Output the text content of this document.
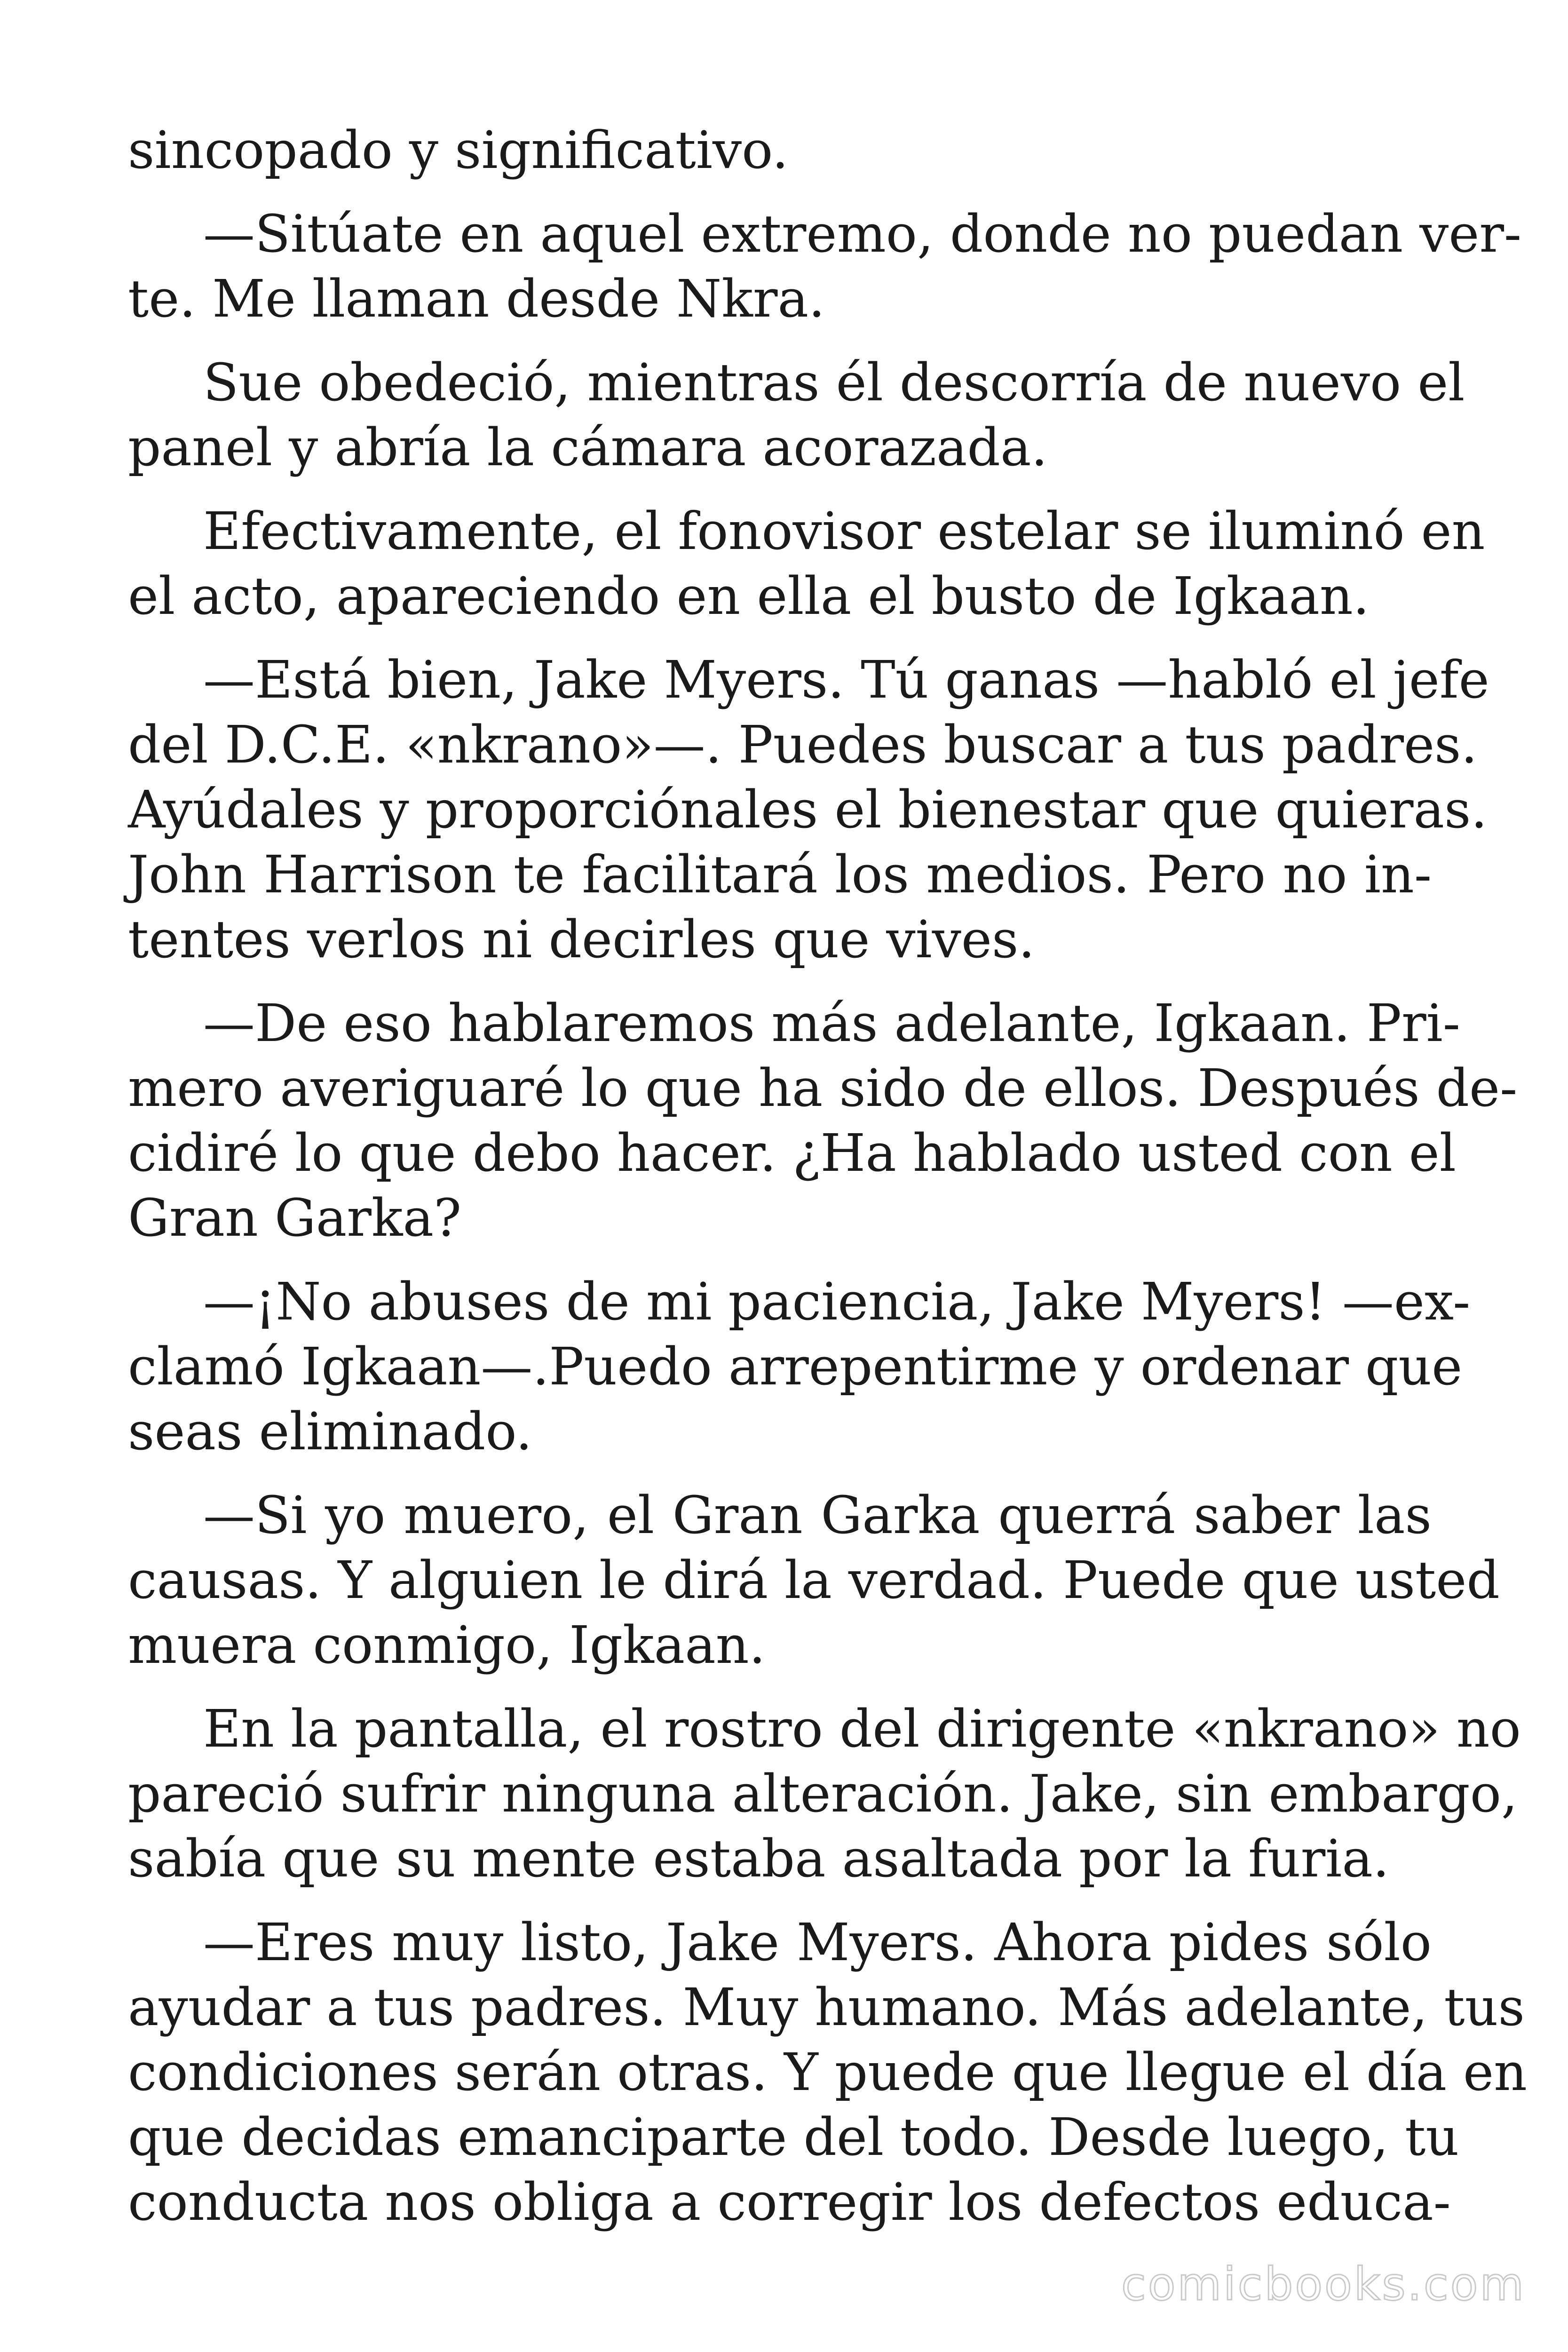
sincopado y significativo.
—Sitúate en aquel extremo, donde no puedan ver-
te. Me llaman desde Nkra.
Sue obedeció, mientras él descorría de nuevo el
panel y abría la cámara acorazada.
Efectivamente, el fonovisor estelar se iluminó en
el acto, apareciendo en ella el busto de Igkaan.
—Está bien, Jake Myers. Tú ganas —habló el jefe
del D.C.E. «nkrano»—. Puedes buscar a tus padres.
Ayúdales y proporciónales el bienestar que quieras.
John Harrison te facilitará los medios. Pero no in-
tentes verlos ni decirles que vives.
—De eso hablaremos más adelante, Igkaan. Pri-
mero averiguaré lo que ha sido de ellos. Después de-
cidiré lo que debo hacer. ¿Ha hablado usted con el
Gran Garka?
—¡No abuses de mi paciencia, Jake Myers! —ex-
clamó Igkaan—.Puedo arrepentirme y ordenar que
seas eliminado.
—Si yo muero, el Gran Garka querrá saber las
causas. Y alguien le dirá la verdad. Puede que usted
muera conmigo, Igkaan.
En la pantalla, el rostro del dirigente «nkrano» no
pareció sufrir ninguna alteración. Jake, sin embargo,
sabía que su mente estaba asaltada por la furia.
—Eres muy listo, Jake Myers. Ahora pides sólo
ayudar a tus padres. Muy humano. Más adelante, tus
condiciones serán otras. Y puede que llegue el día en
que decidas emanciparte del todo. Desde luego, tu
conducta nos obliga a corregir los defectos educa-
comicbooks.com
